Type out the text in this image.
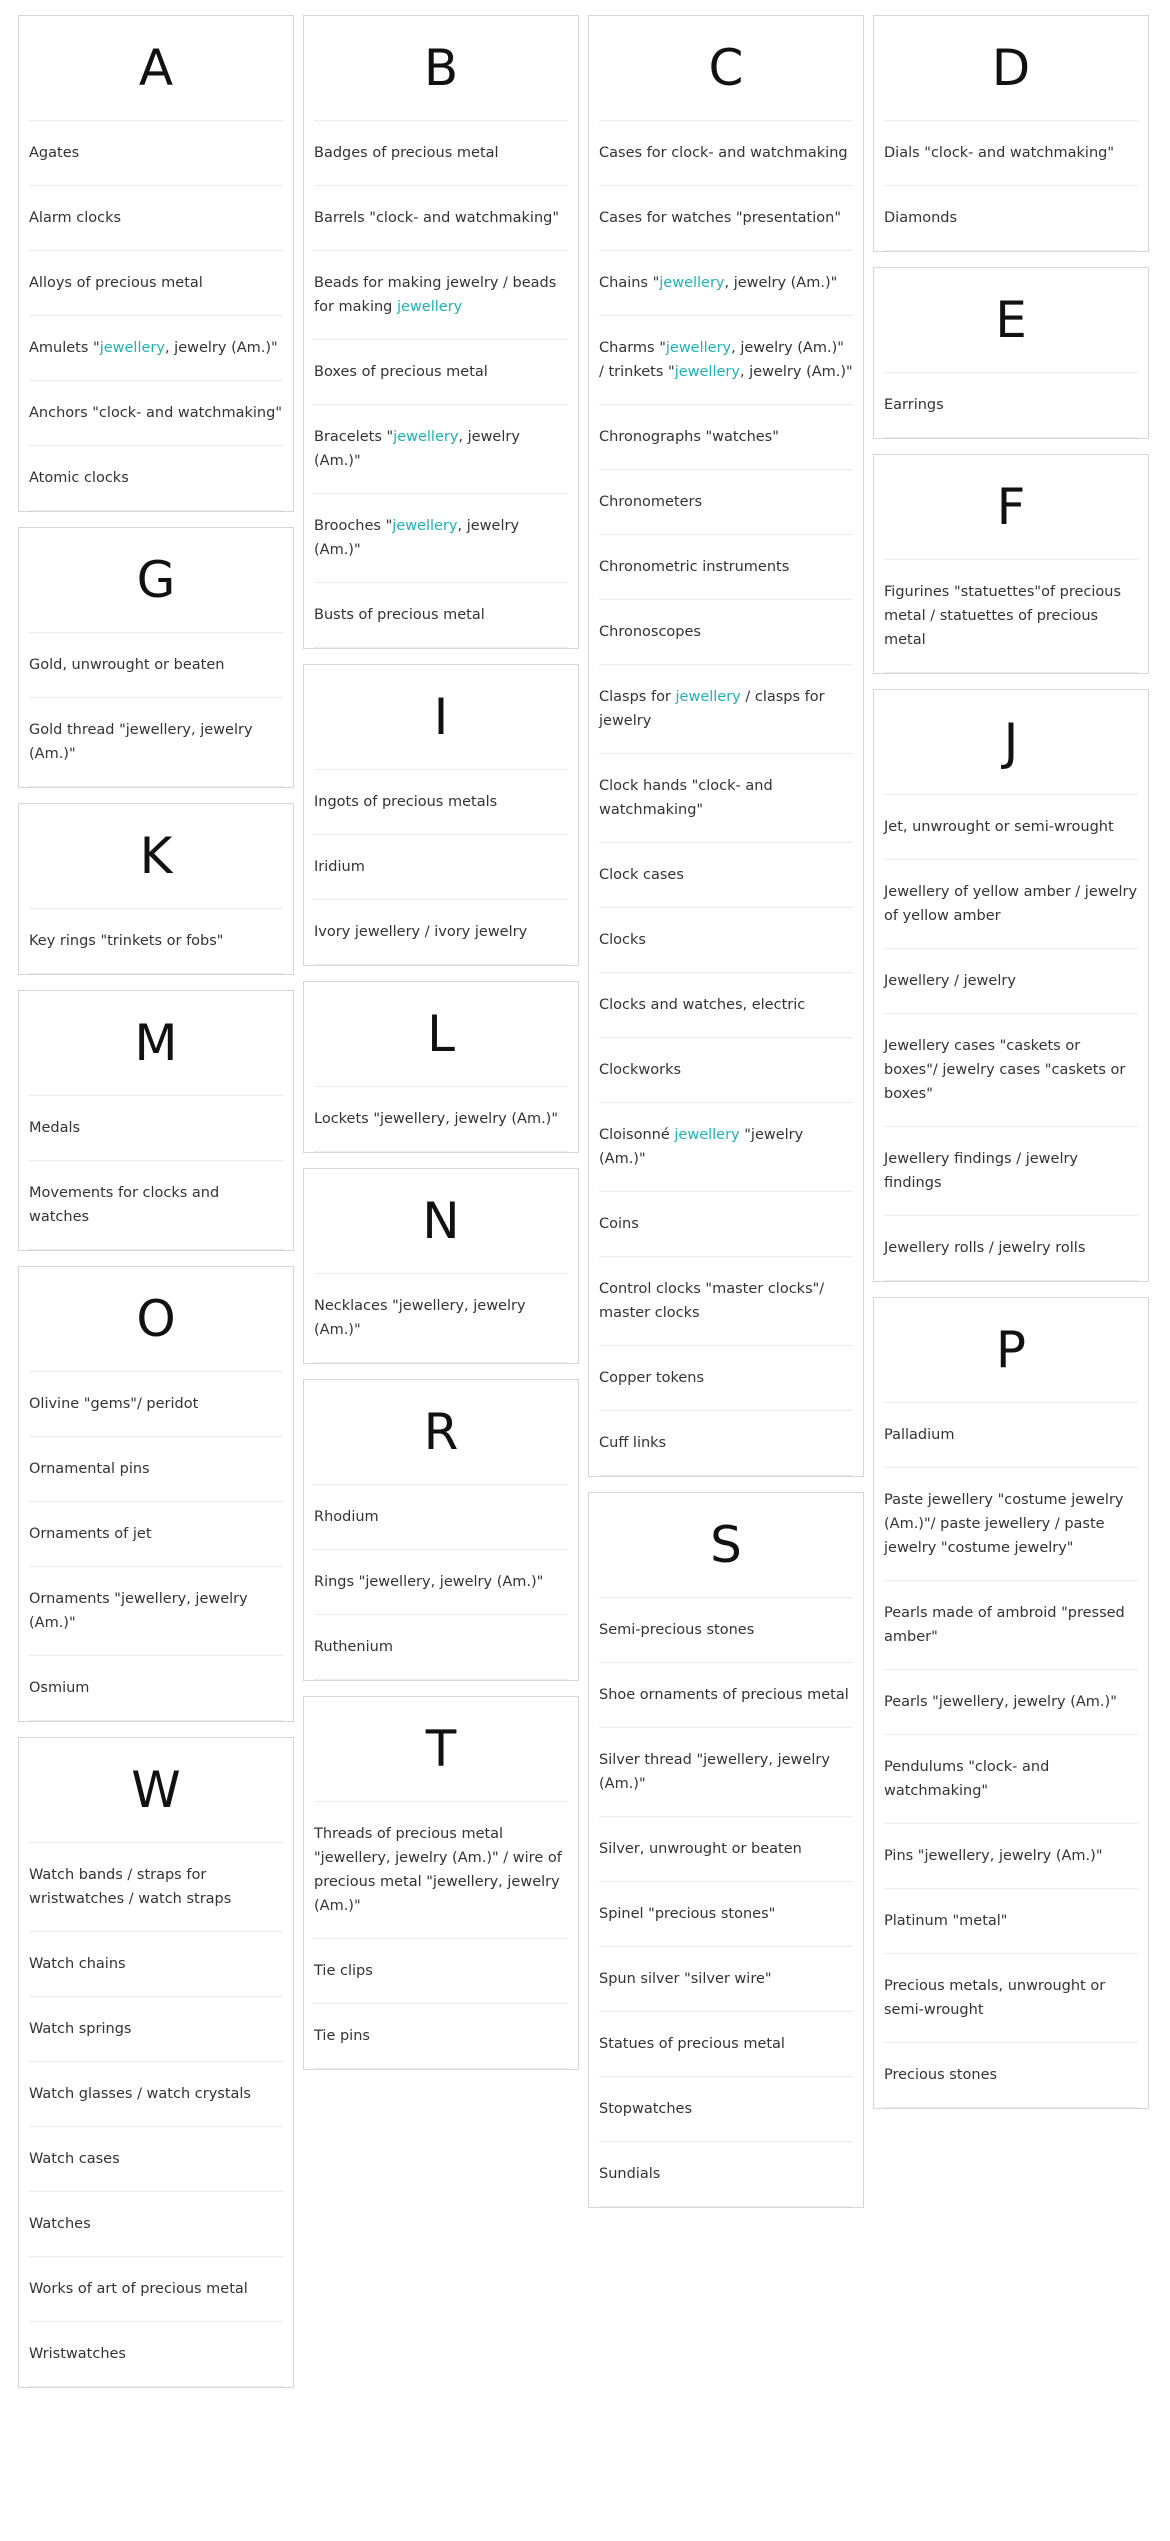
A
Agates
Alarm clocks
Alloys of precious metal
Amulets "jewellery, jewelry (Am.)"
Anchors "clock- and watchmaking"
Atomic clocks
G
Gold, unwrought or beaten
Gold thread "jewellery, jewelry (Am.)"
K
Key rings "trinkets or fobs"
M
Medals
Movements for clocks and watches
O
Olivine "gems"/ peridot
Ornamental pins
Ornaments of jet
Ornaments "jewellery, jewelry (Am.)"
Osmium
W
Watch bands / straps for wristwatches / watch straps
Watch chains
Watch springs
Watch glasses / watch crystals
Watch cases
Watches
Works of art of precious metal
Wristwatches
B
Badges of precious metal
Barrels "clock- and watchmaking"
Beads for making jewelry / beads for making jewellery
Boxes of precious metal
Bracelets "jewellery, jewelry (Am.)"
Brooches "jewellery, jewelry (Am.)"
Busts of precious metal
I
Ingots of precious metals
Iridium
Ivory jewellery / ivory jewelry
L
Lockets "jewellery, jewelry (Am.)"
N
Necklaces "jewellery, jewelry (Am.)"
R
Rhodium
Rings "jewellery, jewelry (Am.)"
Ruthenium
T
Threads of precious metal "jewellery, jewelry (Am.)" / wire of precious metal "jewellery, jewelry (Am.)"
Tie clips
Tie pins
C
Cases for clock- and watchmaking
Cases for watches "presentation"
Chains "jewellery, jewelry (Am.)"
Charms "jewellery, jewelry (Am.)" / trinkets "jewellery, jewelry (Am.)"
Chronographs "watches"
Chronometers
Chronometric instruments
Chronoscopes
Clasps for jewellery / clasps for jewelry
Clock hands "clock- and watchmaking"
Clock cases
Clocks
Clocks and watches, electric
Clockworks
Cloisonné jewellery "jewelry (Am.)"
Coins
Control clocks "master clocks"/ master clocks
Copper tokens
Cuff links
S
Semi-precious stones
Shoe ornaments of precious metal
Silver thread "jewellery, jewelry (Am.)"
Silver, unwrought or beaten
Spinel "precious stones"
Spun silver "silver wire"
Statues of precious metal
Stopwatches
Sundials
D
Dials "clock- and watchmaking"
Diamonds
E
Earrings
F
Figurines "statuettes"of precious metal / statuettes of precious metal
J
Jet, unwrought or semi-wrought
Jewellery of yellow amber / jewelry of yellow amber
Jewellery / jewelry
Jewellery cases "caskets or boxes"/ jewelry cases "caskets or boxes"
Jewellery findings / jewelry findings
Jewellery rolls / jewelry rolls
P
Palladium
Paste jewellery "costume jewelry (Am.)"/ paste jewellery / paste jewelry "costume jewelry"
Pearls made of ambroid "pressed amber"
Pearls "jewellery, jewelry (Am.)"
Pendulums "clock- and watchmaking"
Pins "jewellery, jewelry (Am.)"
Platinum "metal"
Precious metals, unwrought or semi-wrought
Precious stones
